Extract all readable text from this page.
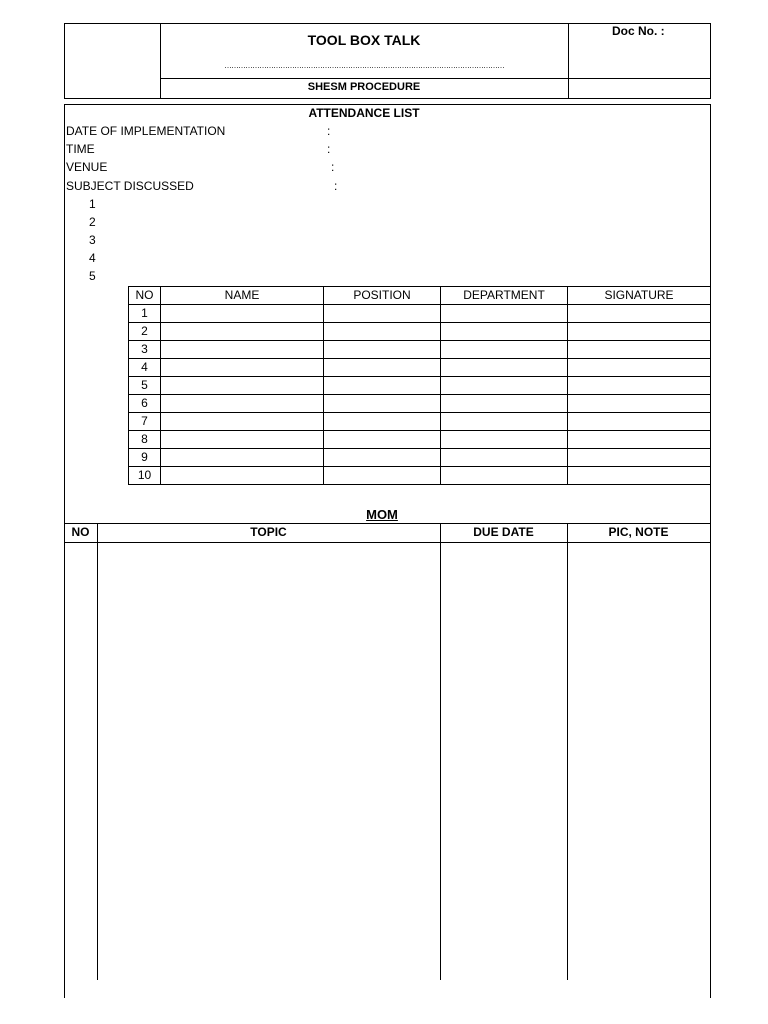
TOOL BOX TALK
…………………………………………………………………………………………………………
SHESM PROCEDURE
Doc No. :
ATTENDANCE LIST
DATE OF IMPLEMENTATION	:
TIME	:
VENUE	:
SUBJECT DISCUSSED	:
1
2
3
4
5
NO	NAME	POSITION	DEPARTMENT	SIGNATURE
1				
2				
3				
4				
5				
6				
7				
8				
9				
10				
MOM
NO	TOPIC	DUE DATE	PIC, NOTE
